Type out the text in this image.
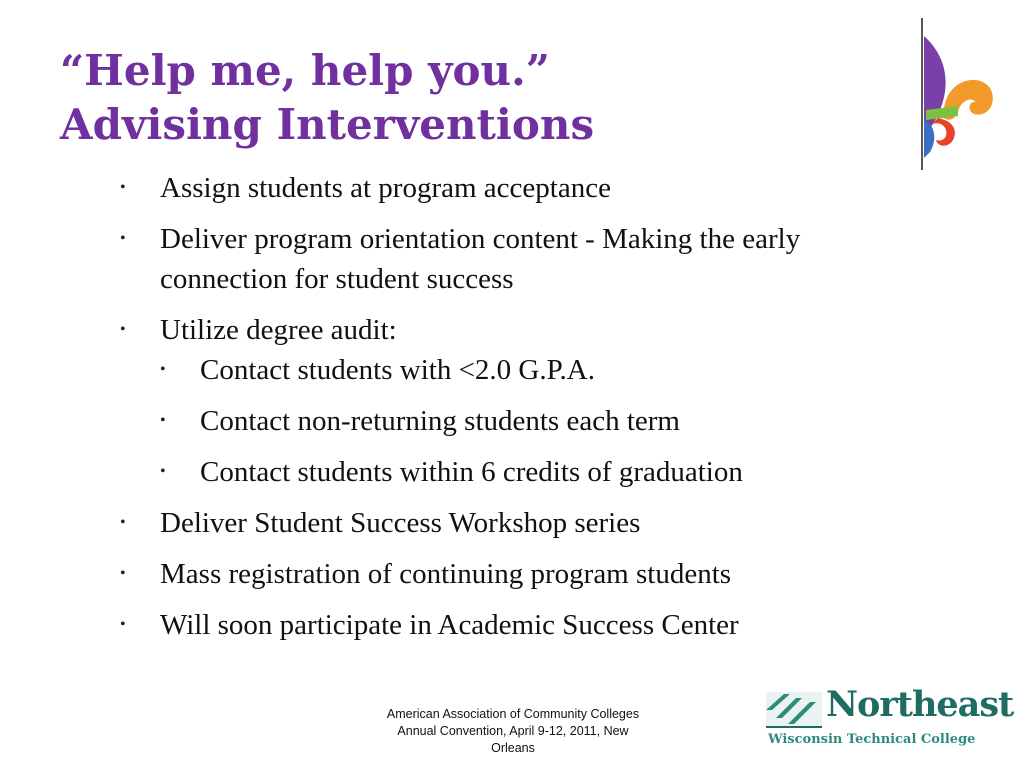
“Help me, help you.”
Advising Interventions
• Assign students at program acceptance
• Deliver program orientation content - Making the early connection for student success
• Utilize degree audit:
• Contact students with <2.0 G.P.A.
• Contact non-returning students each term
• Contact students within 6 credits of graduation
• Deliver Student Success Workshop series
• Mass registration of continuing program students
• Will soon participate in Academic Success Center
American Association of Community Colleges
Annual Convention, April 9-12, 2011, New
Orleans
Northeast
Wisconsin Technical College
